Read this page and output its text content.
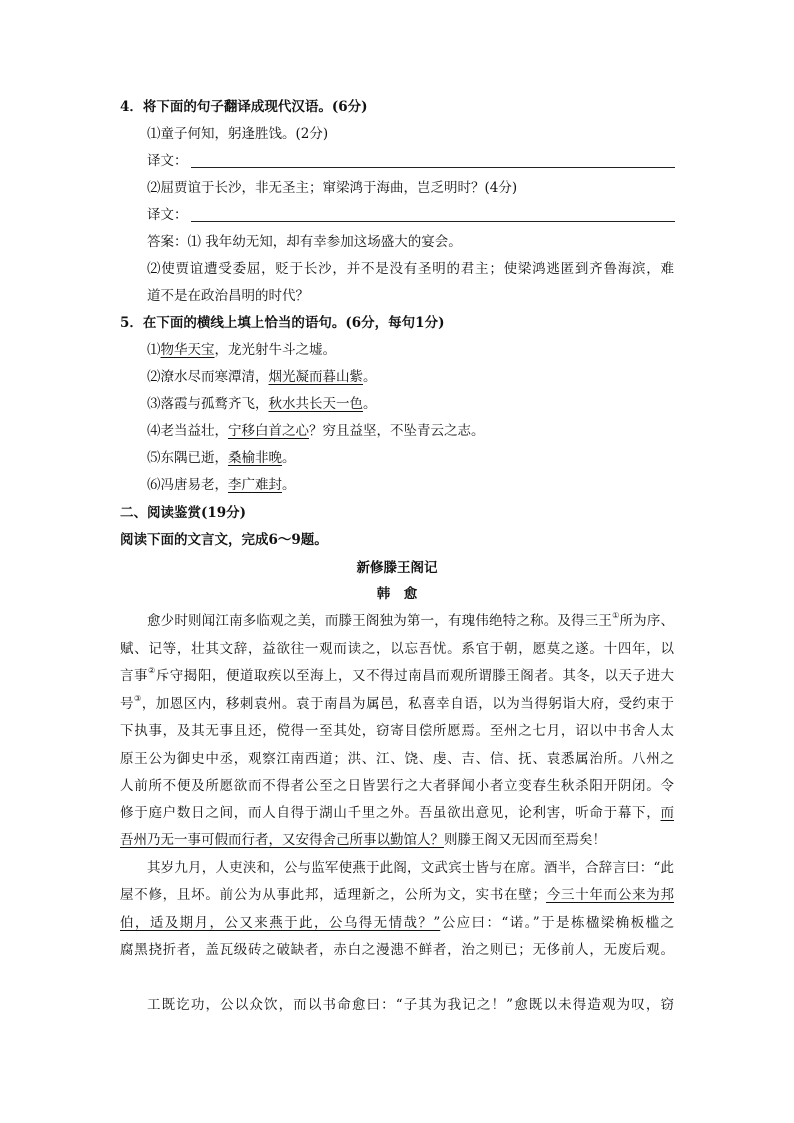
4．将下面的句子翻译成现代汉语。(6分)
⑴童子何知，躬逢胜饯。(2分)
译文：
⑵屈贾谊于长沙，非无圣主；窜梁鸿于海曲，岂乏明时？(4分)
译文：
答案：⑴ 我年幼无知，却有幸参加这场盛大的宴会。
⑵使贾谊遭受委屈，贬于长沙，并不是没有圣明的君主；使梁鸿逃匿到齐鲁海滨，难
道不是在政治昌明的时代？
5．在下面的横线上填上恰当的语句。(6分，每句1分)
⑴物华天宝，龙光射牛斗之墟。
⑵潦水尽而寒潭清，烟光凝而暮山紫。
⑶落霞与孤鹜齐飞，秋水共长天一色。
⑷老当益壮，宁移白首之心？穷且益坚，不坠青云之志。
⑸东隅已逝，桑榆非晚。
⑹冯唐易老，李广难封。
二、阅读鉴赏(19分)
阅读下面的文言文，完成6～9题。
新修滕王阁记
韩　愈
愈少时则闻江南多临观之美，而滕王阁独为第一，有瑰伟绝特之称。及得三王①所为序、
赋、记等，壮其文辞，益欲往一观而读之，以忘吾忧。系官于朝，愿莫之遂。十四年，以
言事②斥守揭阳，便道取疾以至海上，又不得过南昌而观所谓滕王阁者。其冬，以天子进大
号③，加恩区内，移刺袁州。袁于南昌为属邑，私喜幸自语，以为当得躬诣大府，受约束于
下执事，及其无事且还，傥得一至其处，窃寄目偿所愿焉。至州之七月，诏以中书舍人太
原王公为御史中丞，观察江南西道；洪、江、饶、虔、吉、信、抚、袁悉属治所。八州之
人前所不便及所愿欲而不得者公至之日皆罢行之大者驿闻小者立变春生秋杀阳开阴闭。令
修于庭户数日之间，而人自得于湖山千里之外。吾虽欲出意见，论利害，听命于幕下，而
吾州乃无一事可假而行者，又安得舍己所事以勤馆人？则滕王阁又无因而至焉矣！
其岁九月，人吏浃和，公与监军使燕于此阁，文武宾士皆与在席。酒半，合辞言曰：“此
屋不修，且坏。前公为从事此邦，适理新之，公所为文，实书在壁；今三十年而公来为邦
伯，适及期月，公又来燕于此，公乌得无情哉？”公应曰：“诺。”于是栋楹梁桷板槛之
腐黑挠折者，盖瓦级砖之破缺者，赤白之漫漶不鲜者，治之则已；无侈前人，无废后观。
工既讫功，公以众饮，而以书命愈曰：“子其为我记之！”愈既以未得造观为叹，窃
